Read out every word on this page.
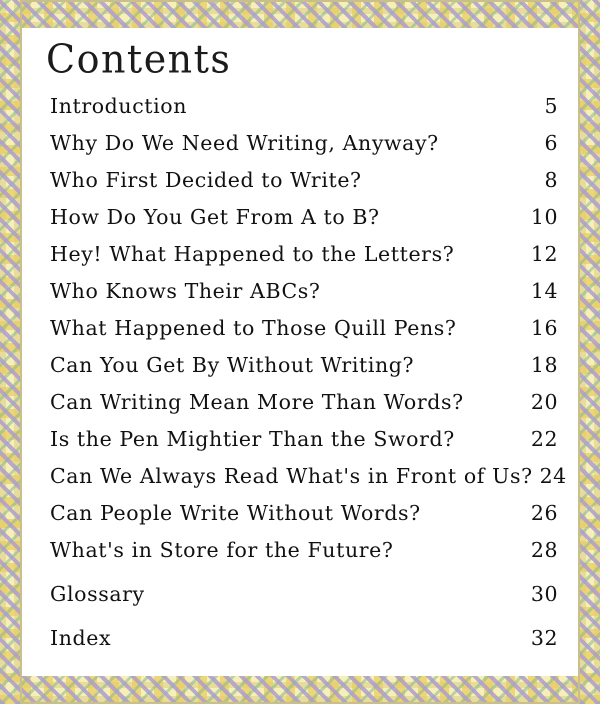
Contents
Introduction	5
Why Do We Need Writing, Anyway?	6
Who First Decided to Write?	8
How Do You Get From A to B?	10
Hey! What Happened to the Letters?	12
Who Knows Their ABCs?	14
What Happened to Those Quill Pens?	16
Can You Get By Without Writing?	18
Can Writing Mean More Than Words?	20
Is the Pen Mightier Than the Sword?	22
Can We Always Read What's in Front of Us? 24
Can People Write Without Words?	26
What's in Store for the Future?	28
Glossary	30
Index	32
